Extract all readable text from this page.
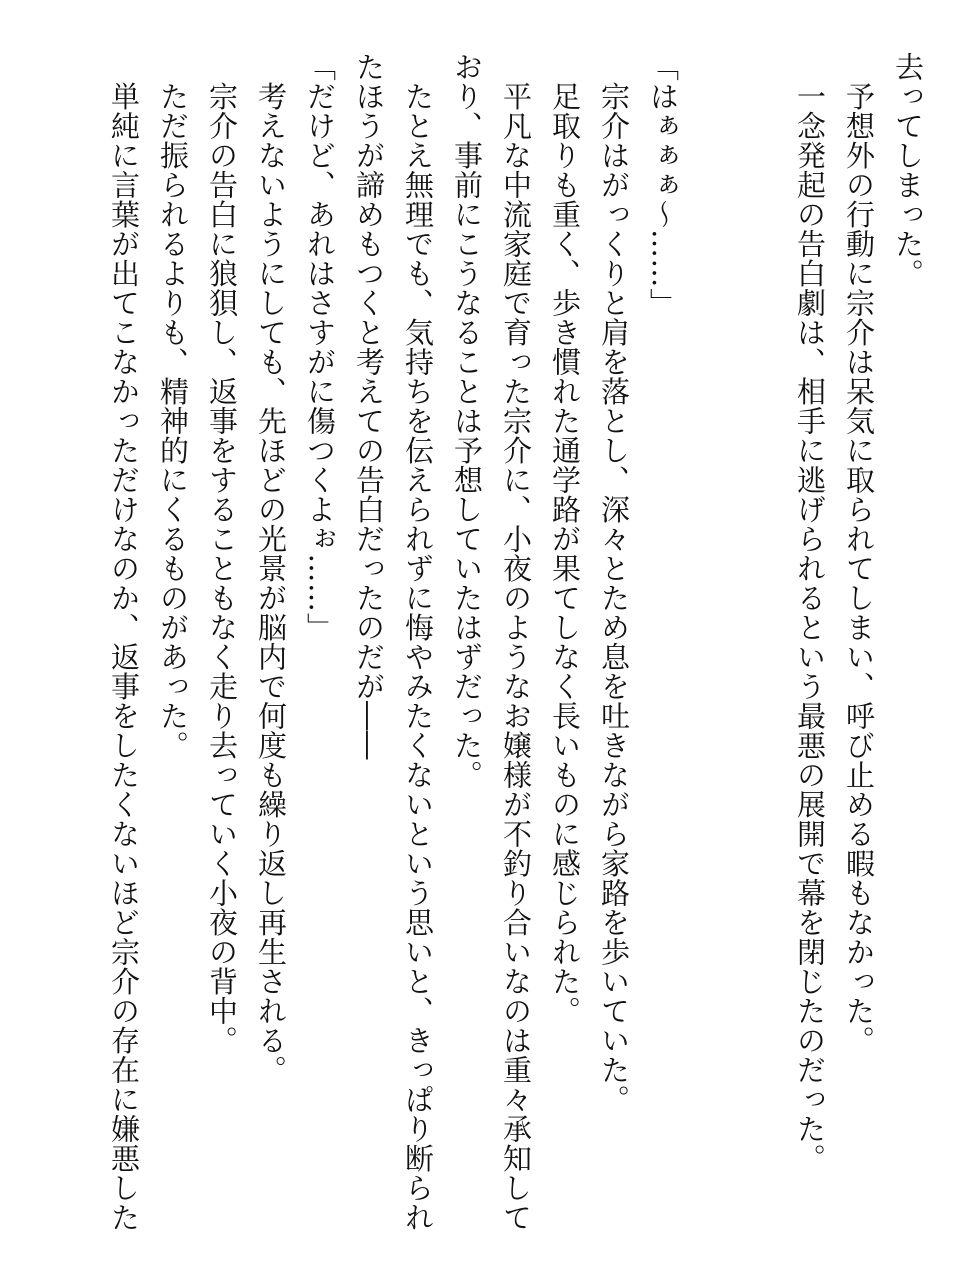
去ってしまった。
　予想外の行動に宗介は呆気に取られてしまい、呼び止める暇もなかった。
　一念発起の告白劇は、相手に逃げられるという最悪の展開で幕を閉じたのだった。
「はぁぁぁ～……」
　宗介はがっくりと肩を落とし、深々とため息を吐きながら家路を歩いていた。
　足取りも重く、歩き慣れた通学路が果てしなく長いものに感じられた。
　平凡な中流家庭で育った宗介に、小夜のようなお嬢様が不釣り合いなのは重々承知して
おり、事前にこうなることは予想していたはずだった。
　たとえ無理でも、気持ちを伝えられずに悔やみたくないという思いと、きっぱり断られ
たほうが諦めもつくと考えての告白だったのだが――
「だけど、あれはさすがに傷つくよぉ……」
　考えないようにしても、先ほどの光景が脳内で何度も繰り返し再生される。
　宗介の告白に狼狽し、返事をすることもなく走り去っていく小夜の背中。
　ただ振られるよりも、精神的にくるものがあった。
　単純に言葉が出てこなかっただけなのか、返事をしたくないほど宗介の存在に嫌悪した
